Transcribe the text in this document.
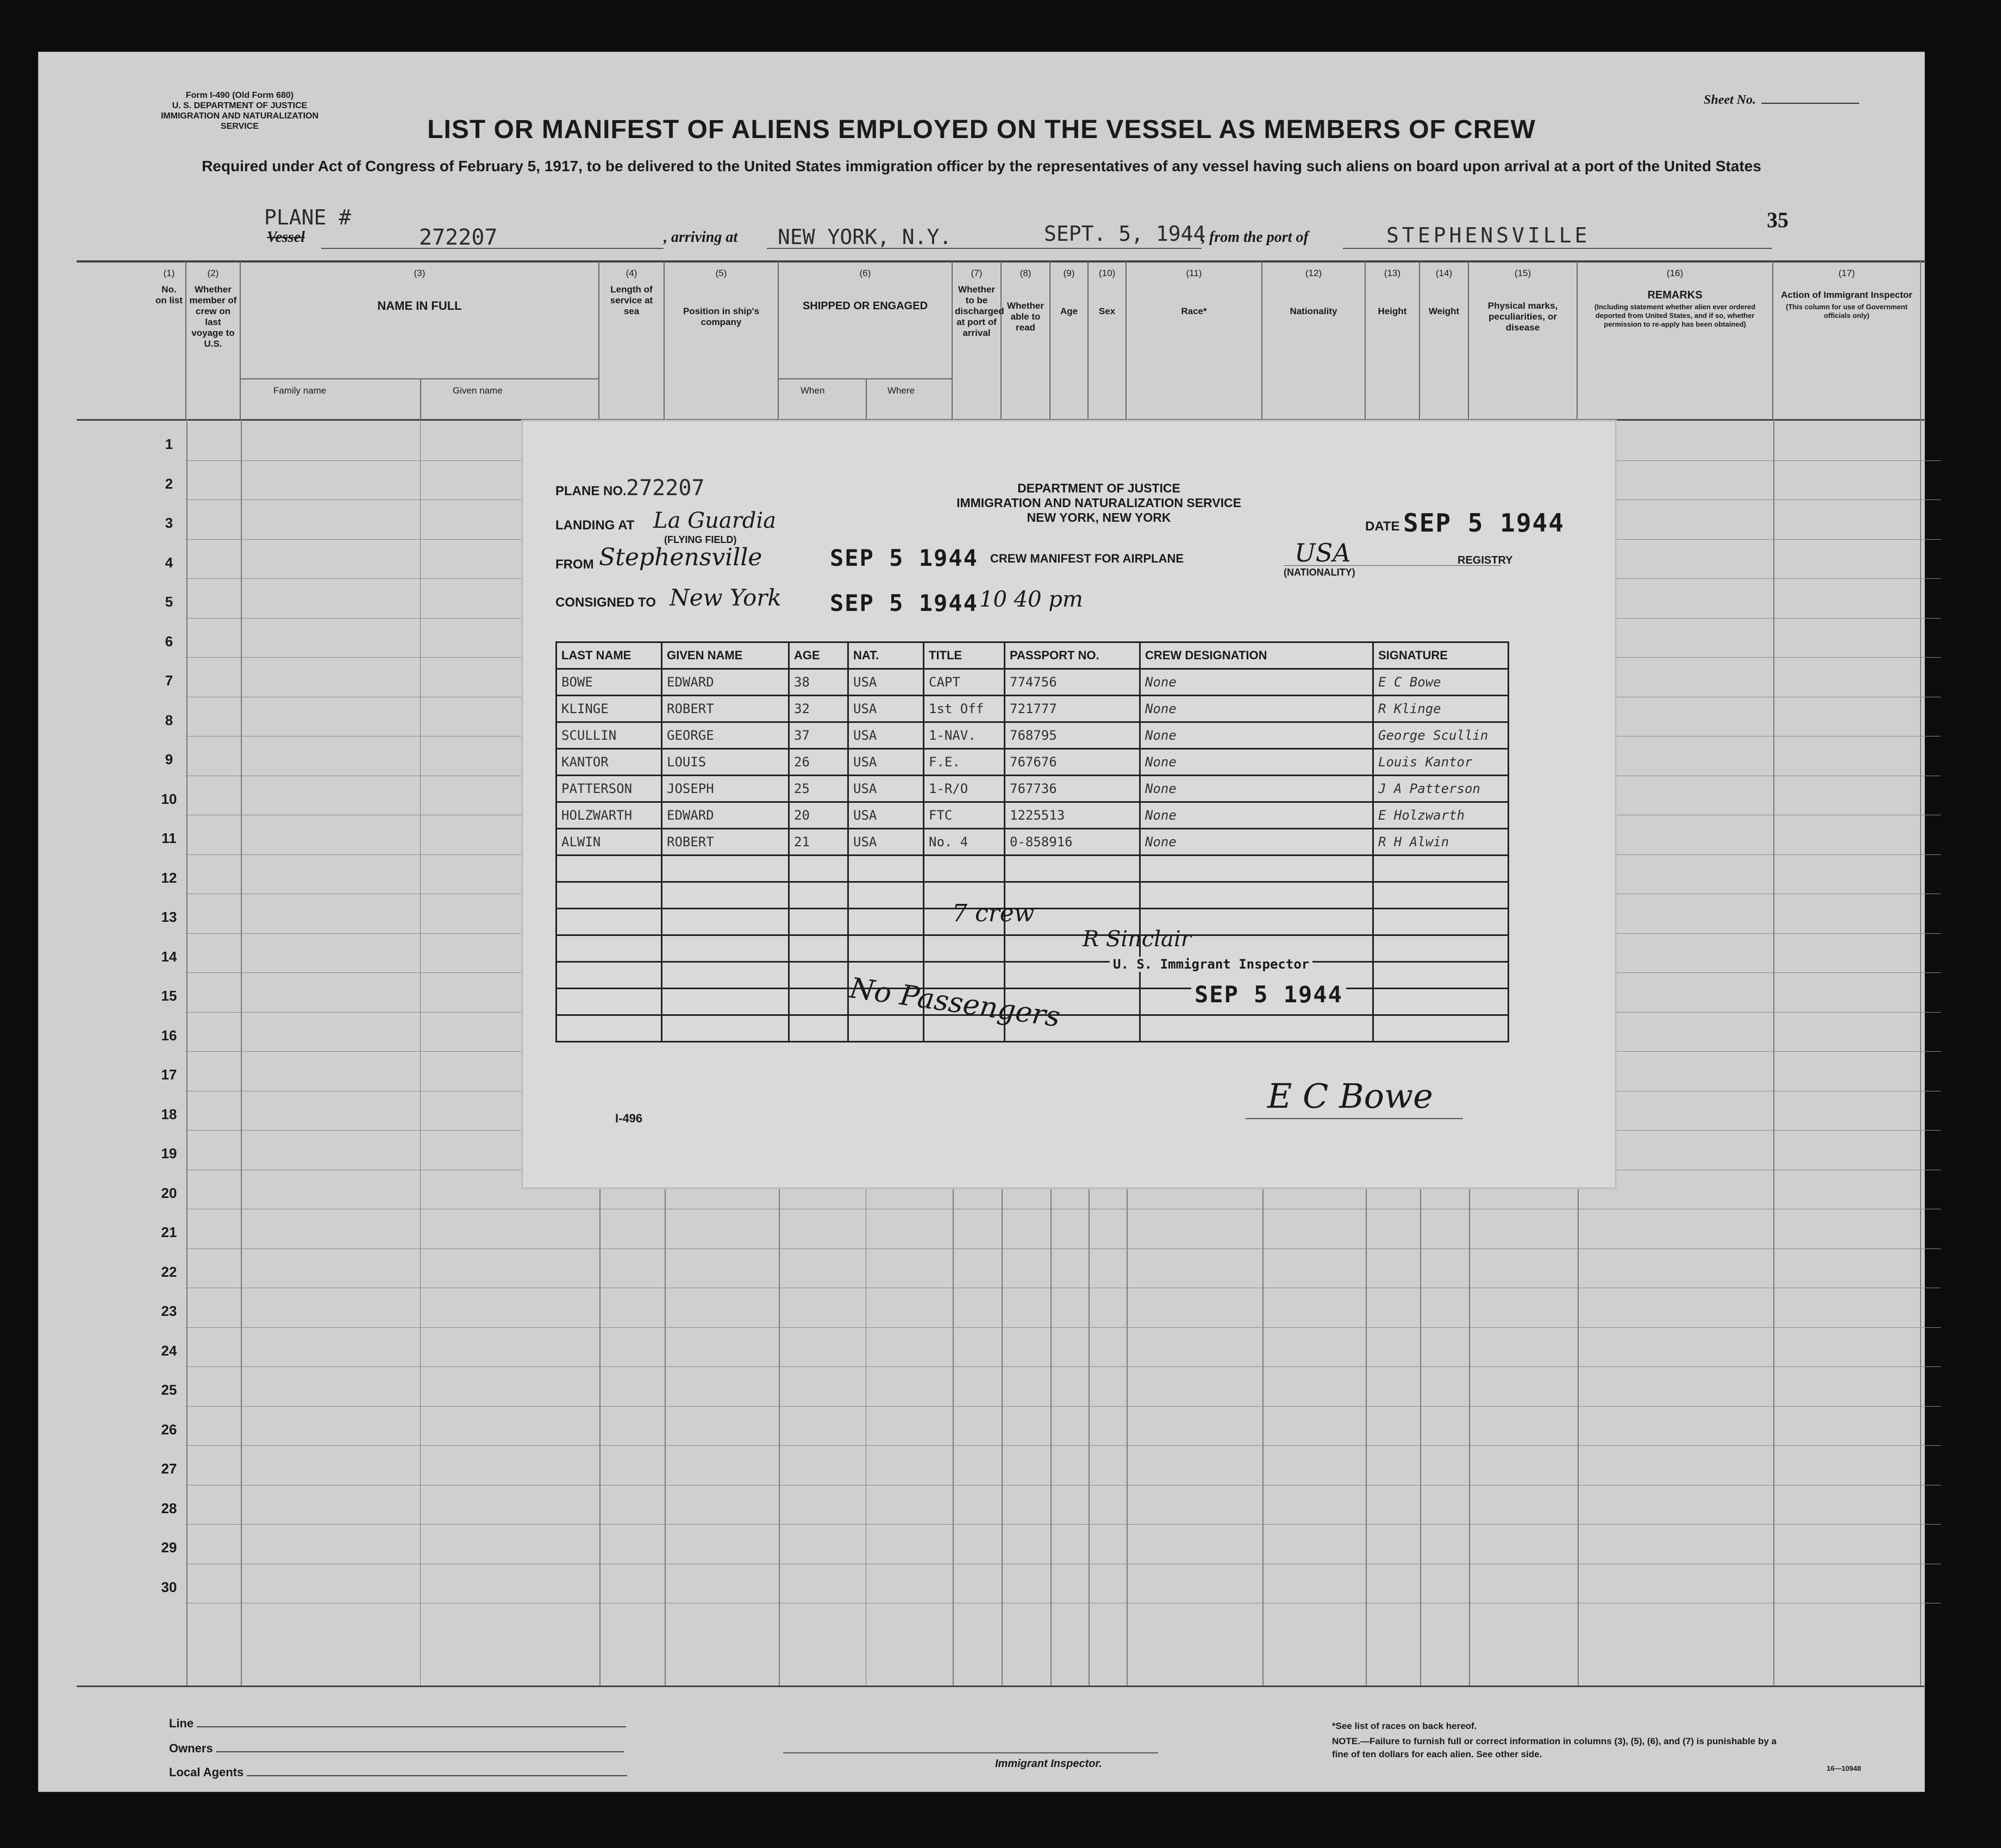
Form I-490 (Old Form 680)
U. S. DEPARTMENT OF JUSTICE
IMMIGRATION AND NATURALIZATION SERVICE
Sheet No.
LIST OR MANIFEST OF ALIENS EMPLOYED ON THE VESSEL AS MEMBERS OF CREW
Required under Act of Congress of February 5, 1917, to be delivered to the United States immigration officer by the representatives of any vessel having such aliens on board upon arrival at a port of the United States
PLANE #
Vessel	272207	, arriving at NEW YORK, N.Y.	SEPT. 5, 1944
, from the port of	STEPHENSVILLE
35
(1)
No. on list
(2)
Whether member of crew on last voyage to U.S.
(3)
NAME IN FULL
Family name	Given name
(4)
Length of service at sea
(5)
Position in ship's company
(6)
SHIPPED OR ENGAGED
When	Where
(7)
Whether to be discharged at port of arrival
(8)
Whether able to read
(9)
Age
(10)
Sex
(11)
Race*
(12)
Nationality
(13)
Height
(14)
Weight
(15)
Physical marks, peculiarities, or disease
(16)
REMARKS
(Including statement whether alien ever ordered deported from United States, and if so, whether permission to re-apply has been obtained)
(17)
Action of Immigrant Inspector
(This column for use of Government officials only)
1
2
3
4
5
6
7
8
9
10
11
12
13
14
15
16
17
18
19
20
21
22
23
24
25
26
27
28
29
30
PLANE NO. 272207
LANDING AT La Guardia
(FLYING FIELD)
FROM Stephensville	SEP 5 1944
CONSIGNED TO New York SEP 5 1944 10 40 pm
DEPARTMENT OF JUSTICE
IMMIGRATION AND NATURALIZATION SERVICE
NEW YORK, NEW YORK
CREW MANIFEST FOR AIRPLANE
DATE SEP 5 1944
USA
(NATIONALITY)
REGISTRY
LAST NAME	GIVEN NAME	AGE	NAT.	TITLE	PASSPORT NO.	CREW DESIGNATION	SIGNATURE
BOWE	EDWARD	38	USA	CAPT	774756	None	E C Bowe
KLINGE	ROBERT	32	USA	1st Off	721777	None	R Klinge
SCULLIN	GEORGE	37	USA	1-NAV.	768795	None	George Scullin
KANTOR	LOUIS	26	USA	F.E.	767676	None	Louis Kantor
PATTERSON	JOSEPH	25	USA	1-R/O	767736	None	J A Patterson
HOLZWARTH	EDWARD	20	USA	FTC	1225513	None	E Holzwarth
ALWIN	ROBERT	21	USA	No. 4	0-858916	None	R H Alwin

7 crew
R Sinclair
U. S. Immigrant Inspector
SEP 5 1944
No Passengers
I-496
E C Bowe
Line
Owners
Local Agents
Immigrant Inspector.
*See list of races on back hereof.
NOTE.—Failure to furnish full or correct information in columns (3), (5), (6), and (7) is punishable by a fine of ten dollars for each alien. See other side.
16—10948
